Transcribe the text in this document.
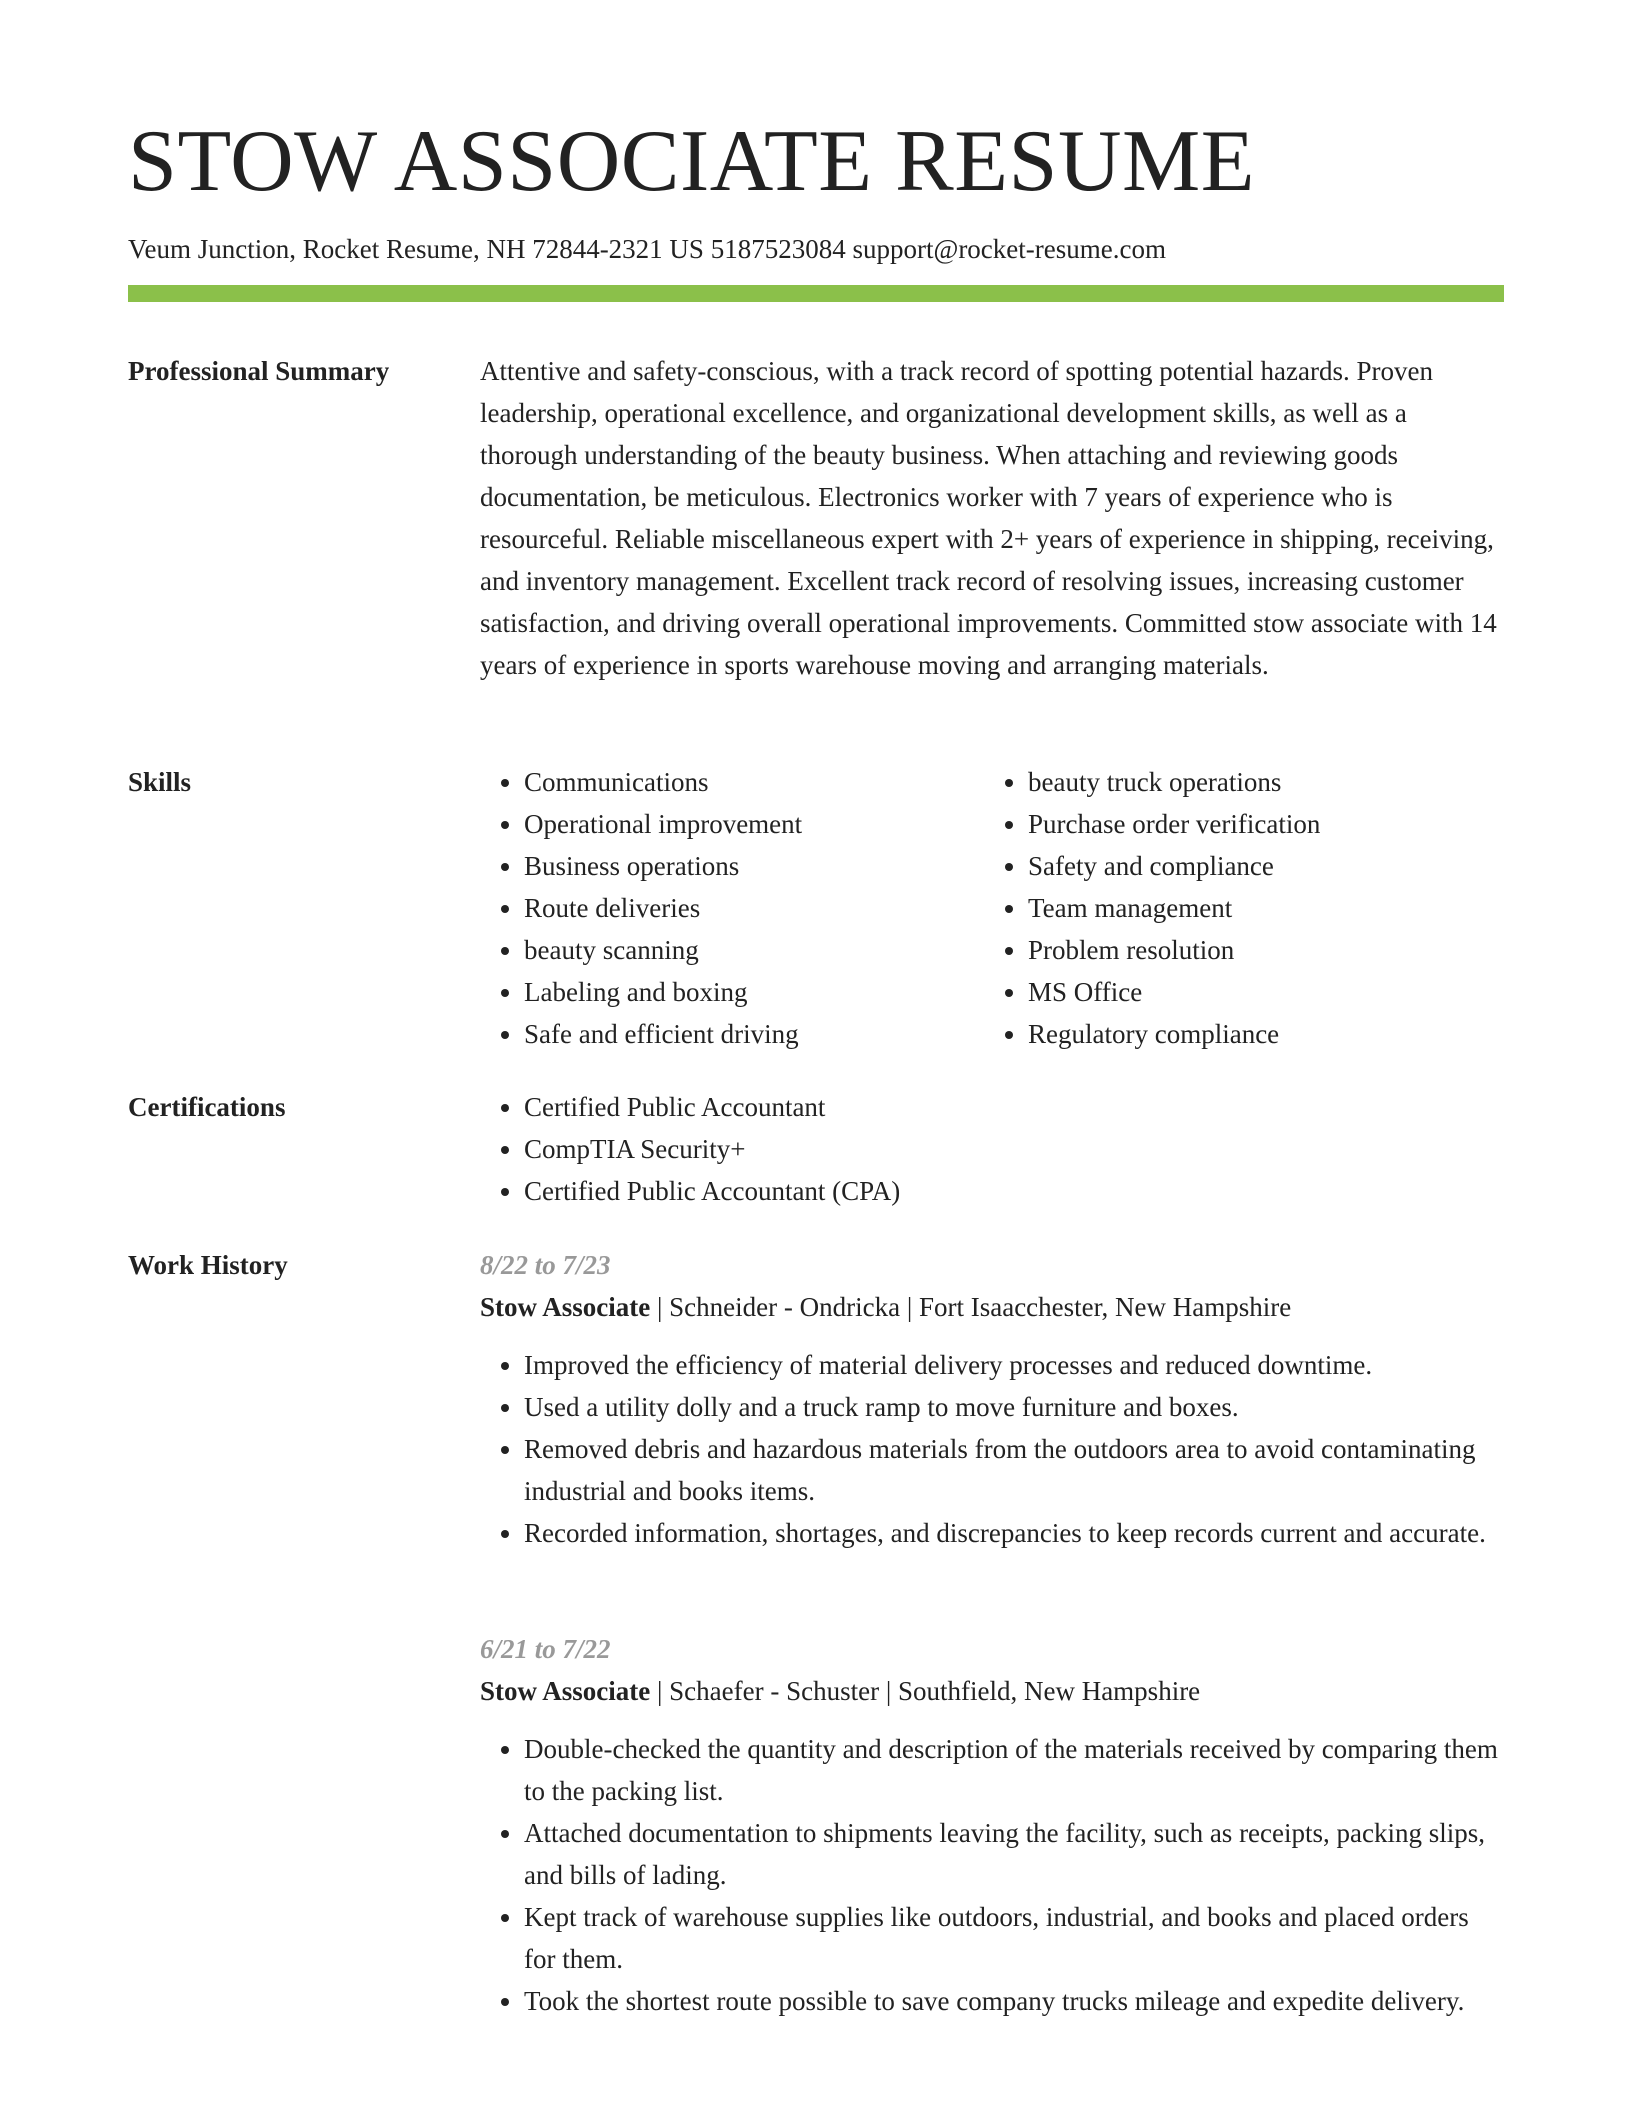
STOW ASSOCIATE RESUME
Veum Junction, Rocket Resume, NH 72844-2321 US 5187523084 support@rocket-resume.com
Professional Summary	Attentive and safety-conscious, with a track record of spotting potential hazards. Proven leadership, operational excellence, and organizational development skills, as well as a thorough understanding of the beauty business. When attaching and reviewing goods documentation, be meticulous. Electronics worker with 7 years of experience who is resourceful. Reliable miscellaneous expert with 2+ years of experience in shipping, receiving, and inventory management. Excellent track record of resolving issues, increasing customer satisfaction, and driving overall operational improvements. Committed stow associate with 14 years of experience in sports warehouse moving and arranging materials.

Skills	• Communications
• Operational improvement
• Business operations
• Route deliveries
• beauty scanning
• Labeling and boxing
• Safe and efficient driving
• beauty truck operations
• Purchase order verification
• Safety and compliance
• Team management
• Problem resolution
• MS Office
• Regulatory compliance
Certifications	• Certified Public Accountant
• CompTIA Security+
• Certified Public Accountant (CPA)
Work History	8/22 to 7/23
Stow Associate | Schneider - Ondricka | Fort Isaacchester, New Hampshire
• Improved the efficiency of material delivery processes and reduced downtime.
• Used a utility dolly and a truck ramp to move furniture and boxes.
• Removed debris and hazardous materials from the outdoors area to avoid contaminating industrial and books items.
• Recorded information, shortages, and discrepancies to keep records current and accurate.
6/21 to 7/22
Stow Associate | Schaefer - Schuster | Southfield, New Hampshire
• Double-checked the quantity and description of the materials received by comparing them to the packing list.
• Attached documentation to shipments leaving the facility, such as receipts, packing slips, and bills of lading.
• Kept track of warehouse supplies like outdoors, industrial, and books and placed orders for them.
• Took the shortest route possible to save company trucks mileage and expedite delivery.
